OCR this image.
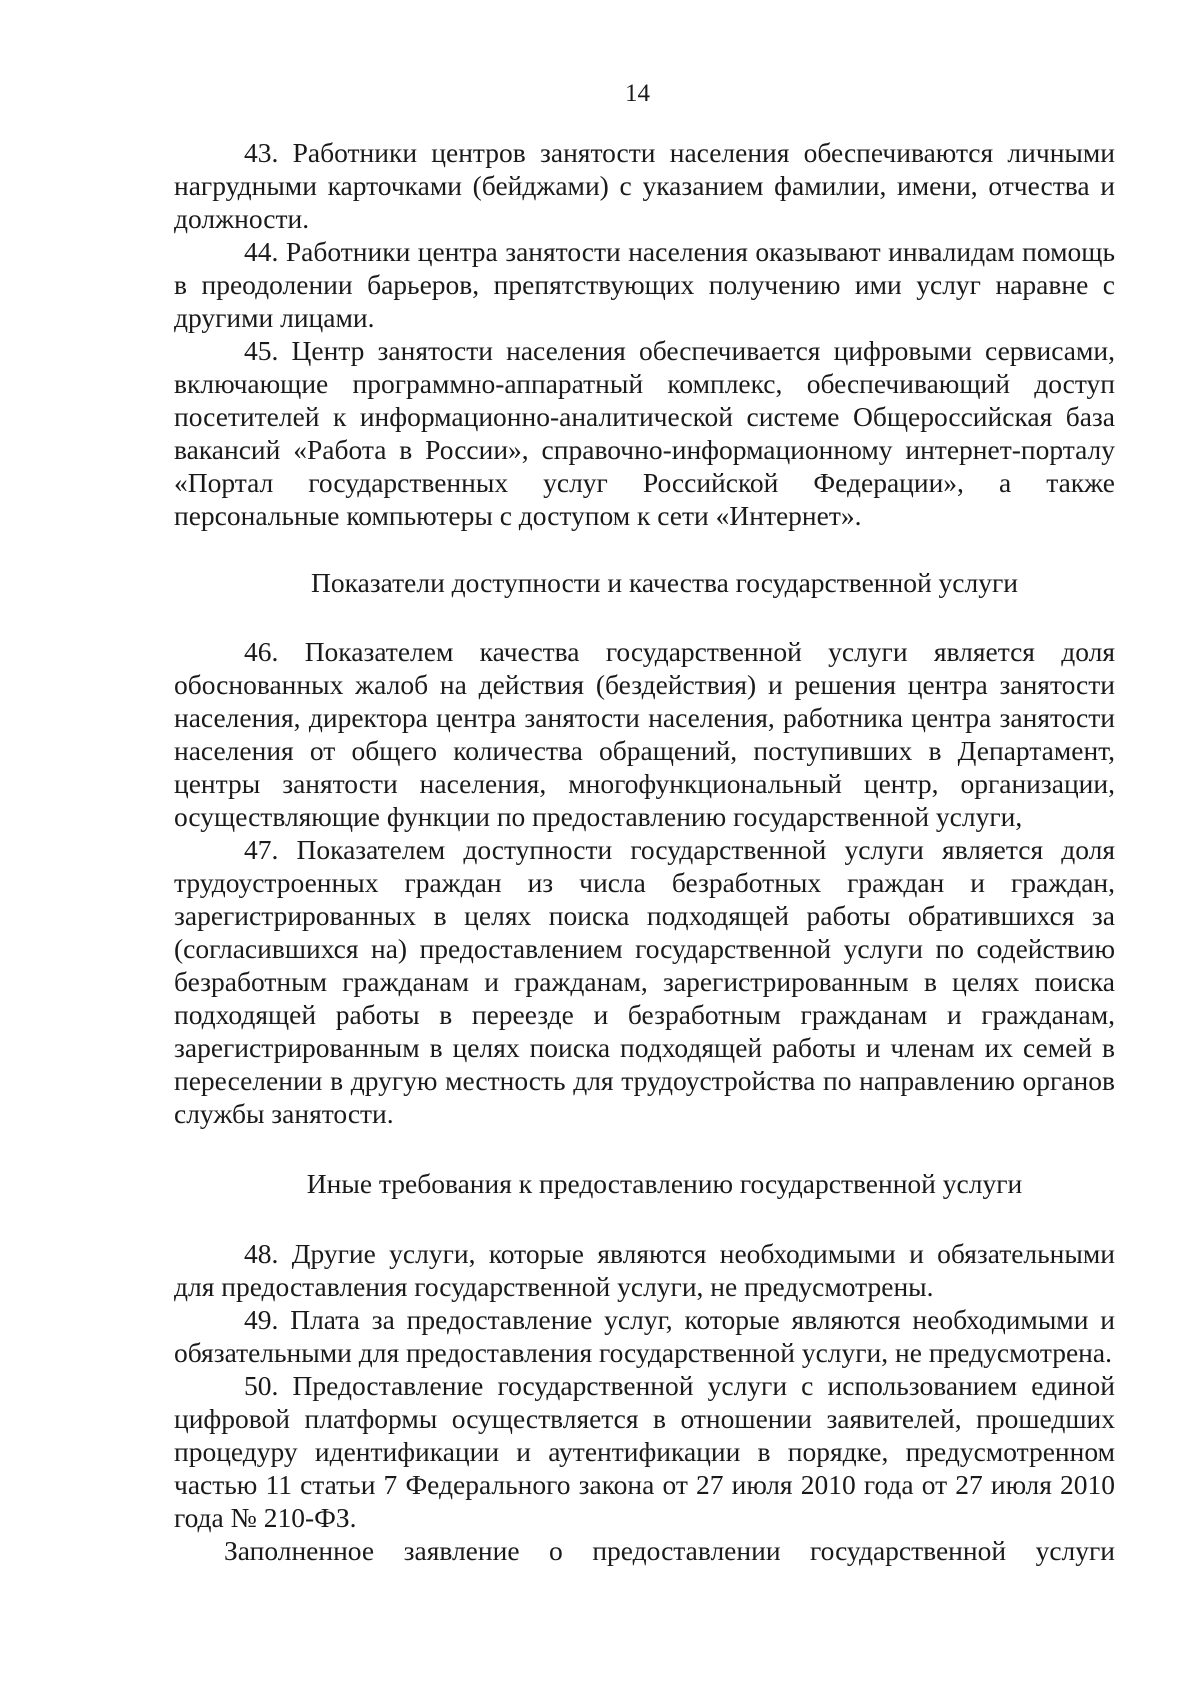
14

43. Работники центров занятости населения обеспечиваются личными нагрудными карточками (бейджами) с указанием фамилии, имени, отчества и должности.

44. Работники центра занятости населения оказывают инвалидам помощь в преодолении барьеров, препятствующих получению ими услуг наравне с другими лицами.

45. Центр занятости населения обеспечивается цифровыми сервисами, включающие программно-аппаратный комплекс, обеспечивающий доступ посетителей к информационно-аналитической системе Общероссийская база вакансий «Работа в России», справочно-информационному интернет-порталу «Портал государственных услуг Российской Федерации», а также персональные компьютеры с доступом к сети «Интернет».

Показатели доступности и качества государственной услуги

46. Показателем качества государственной услуги является доля обоснованных жалоб на действия (бездействия) и решения центра занятости населения, директора центра занятости населения, работника центра занятости населения от общего количества обращений, поступивших в Департамент, центры занятости населения, многофункциональный центр, организации, осуществляющие функции по предоставлению государственной услуги,

47. Показателем доступности государственной услуги является доля трудоустроенных граждан из числа безработных граждан и граждан, зарегистрированных в целях поиска подходящей работы обратившихся за (согласившихся на) предоставлением государственной услуги по содействию безработным гражданам и гражданам, зарегистрированным в целях поиска подходящей работы в переезде и безработным гражданам и гражданам, зарегистрированным в целях поиска подходящей работы и членам их семей в переселении в другую местность для трудоустройства по направлению органов службы занятости.

Иные требования к предоставлению государственной услуги

48. Другие услуги, которые являются необходимыми и обязательными для предоставления государственной услуги, не предусмотрены.

49. Плата за предоставление услуг, которые являются необходимыми и обязательными для предоставления государственной услуги, не предусмотрена.

50. Предоставление государственной услуги с использованием единой цифровой платформы осуществляется в отношении заявителей, прошедших процедуру идентификации и аутентификации в порядке, предусмотренном частью 11 статьи 7 Федерального закона от 27 июля 2010 года от 27 июля 2010 года № 210-ФЗ.

Заполненное заявление о предоставлении государственной услуги
